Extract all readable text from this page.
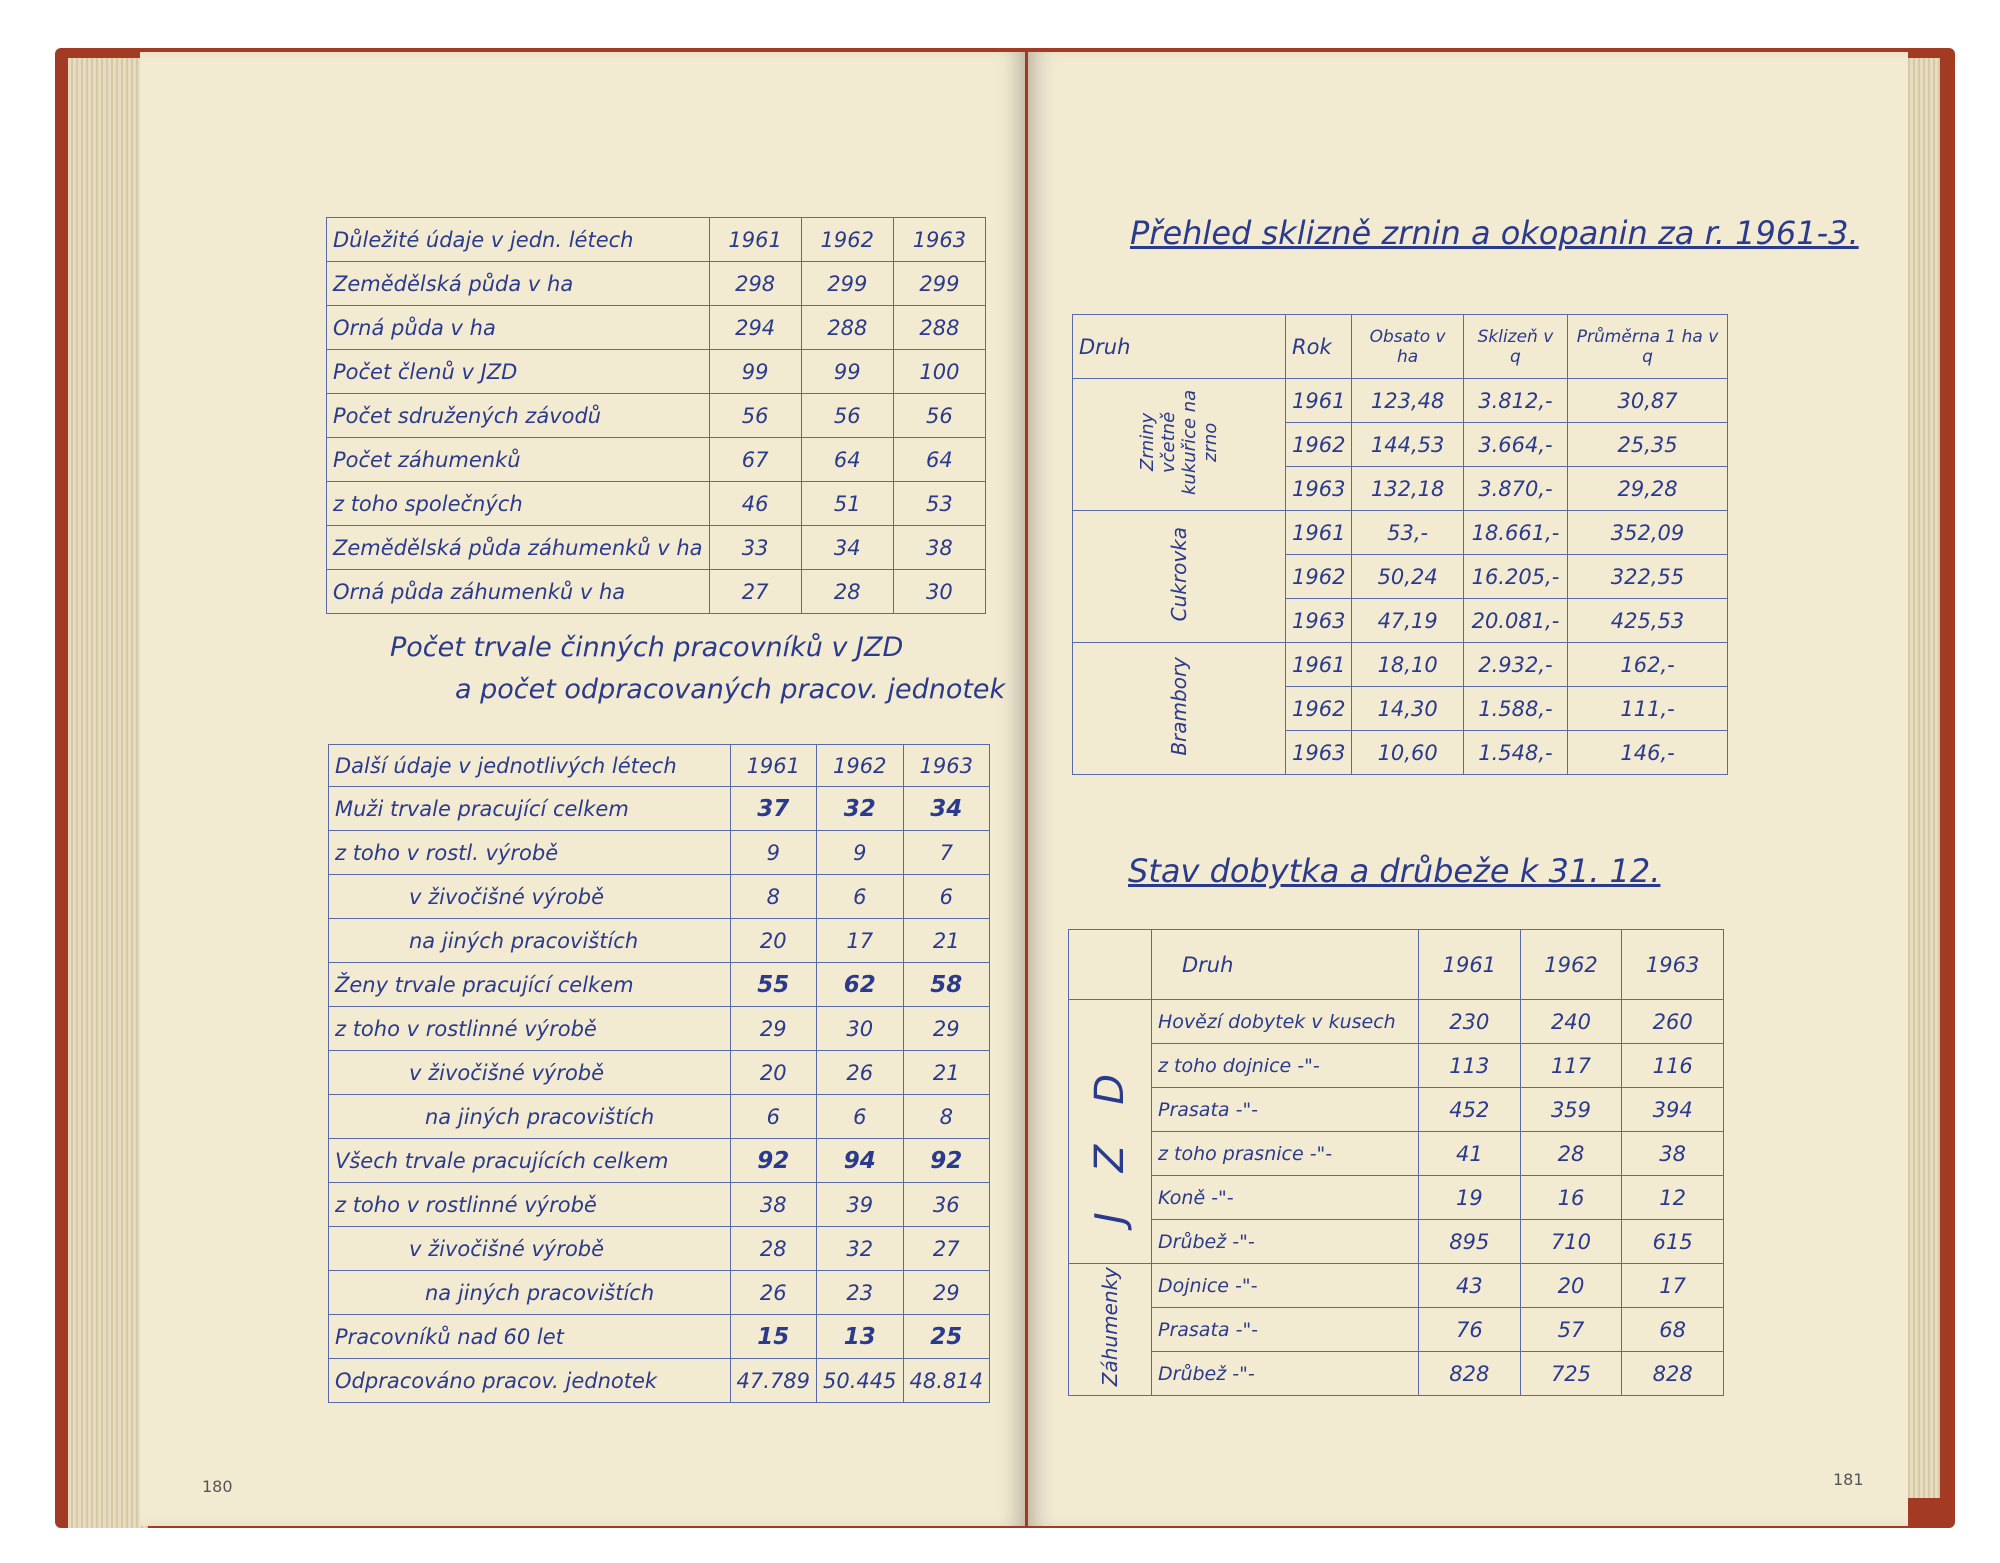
Důležité údaje v jedn. létech	1961	1962	1963
Zemědělská půda v ha	298	299	299
Orná půda v ha	294	288	288
Počet členů v JZD	99	99	100
Počet sdružených závodů	56	56	56
Počet záhumenků	67	64	64
z toho společných	46	51	53
Zemědělská půda záhumenků v ha	33	34	38
Orná půda záhumenků v ha	27	28	30
Počet trvale činných pracovníků v JZD
a počet odpracovaných pracov. jednotek
Další údaje v jednotlivých létech	1961	1962	1963
Muži trvale pracující celkem	37	32	34
z toho v rostl. výrobě	9	9	7
v živočišné výrobě	8	6	6
na jiných pracovištích	20	17	21
Ženy trvale pracující celkem	55	62	58
z toho v rostlinné výrobě	29	30	29
v živočišné výrobě	20	26	21
na jiných pracovištích	6	6	8
Všech trvale pracujících celkem	92	94	92
z toho v rostlinné výrobě	38	39	36
v živočišné výrobě	28	32	27
na jiných pracovištích	26	23	29
Pracovníků nad 60 let	15	13	25
Odpracováno pracov. jednotek	47.789	50.445	48.814
180
Přehled sklizně zrnin a okopanin za r. 1961-3.
Druh	Rok	Obsato v ha	Sklizeň v q	Průměrna 1 ha v q
Zrniny včetně kukuřice na zrno	1961	123,48	3.812,-	30,87
	1962	144,53	3.664,-	25,35
	1963	132,18	3.870,-	29,28
Cukrovka	1961	53,-	18.661,-	352,09
	1962	50,24	16.205,-	322,55
	1963	47,19	20.081,-	425,53
Brambory	1961	18,10	2.932,-	162,-
	1962	14,30	1.588,-	111,-
	1963	10,60	1.548,-	146,-
Stav dobytka a drůbeže k 31. 12.
	Druh	1961	1962	1963
JZD	Hovězí dobytek v kusech	230	240	260
	z toho dojnice -"-	113	117	116
	Prasata -"-	452	359	394
	z toho prasnice -"-	41	28	38
	Koně -"-	19	16	12
	Drůbež -"-	895	710	615
Záhumenky	Dojnice -"-	43	20	17
	Prasata -"-	76	57	68
	Drůbež -"-	828	725	828
181
